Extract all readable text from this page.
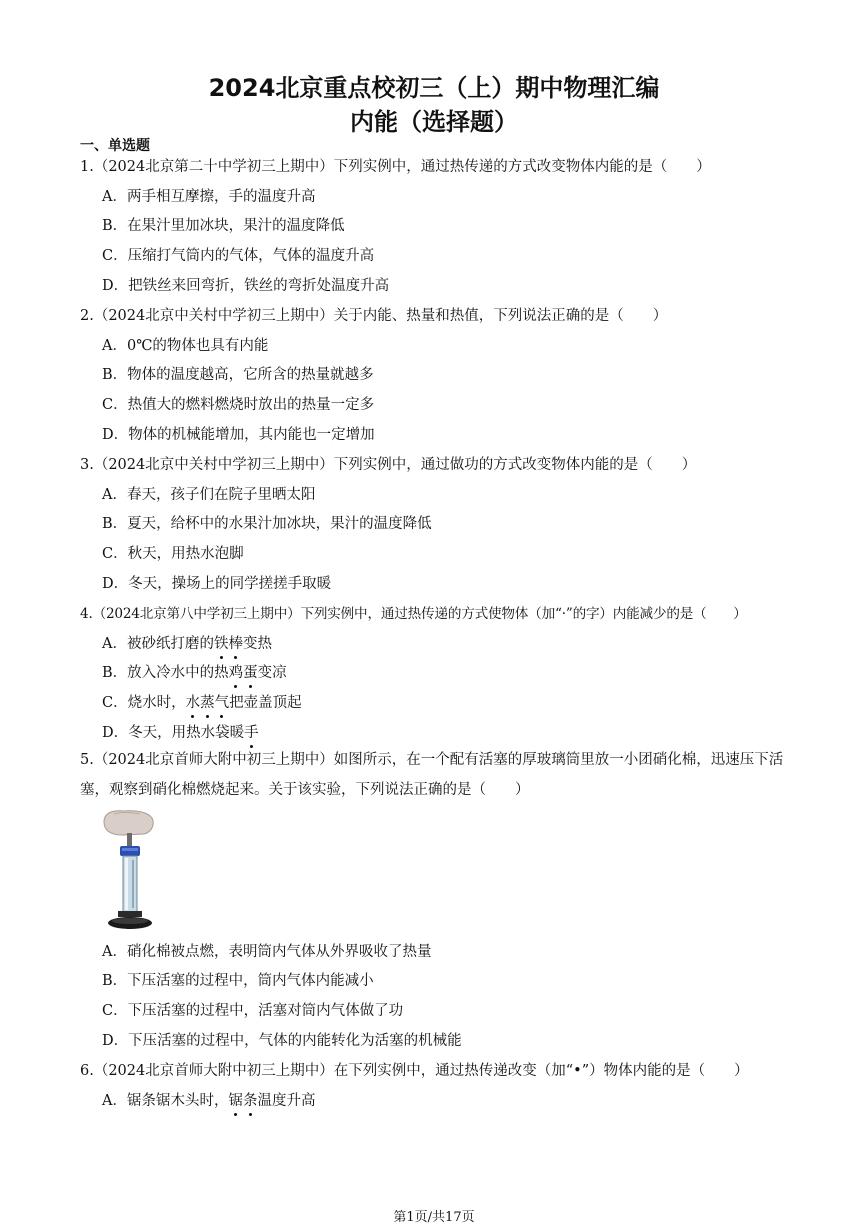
2024北京重点校初三（上）期中物理汇编
内能（选择题）
一、单选题
1.（2024北京第二十中学初三上期中）下列实例中，通过热传递的方式改变物体内能的是（　　）
A．两手相互摩擦，手的温度升高
B．在果汁里加冰块，果汁的温度降低
C．压缩打气筒内的气体，气体的温度升高
D．把铁丝来回弯折，铁丝的弯折处温度升高
2.（2024北京中关村中学初三上期中）关于内能、热量和热值，下列说法正确的是（　　）
A．0℃的物体也具有内能
B．物体的温度越高，它所含的热量就越多
C．热值大的燃料燃烧时放出的热量一定多
D．物体的机械能增加，其内能也一定增加
3.（2024北京中关村中学初三上期中）下列实例中，通过做功的方式改变物体内能的是（　　）
A．春天，孩子们在院子里晒太阳
B．夏天，给杯中的水果汁加冰块，果汁的温度降低
C．秋天，用热水泡脚
D．冬天，操场上的同学搓搓手取暖
4.（2024北京第八中学初三上期中）下列实例中，通过热传递的方式使物体（加“·”的字）内能减少的是（　　）
A．被砂纸打磨的铁棒变热
B．放入冷水中的热鸡蛋变凉
C．烧水时，水蒸气把壶盖顶起
D．冬天，用热水袋暖手
5.（2024北京首师大附中初三上期中）如图所示，在一个配有活塞的厚玻璃筒里放一小团硝化棉，迅速压下活塞，观察到硝化棉燃烧起来。关于该实验，下列说法正确的是（　　）
A．硝化棉被点燃，表明筒内气体从外界吸收了热量
B．下压活塞的过程中，筒内气体内能减小
C．下压活塞的过程中，活塞对筒内气体做了功
D．下压活塞的过程中，气体的内能转化为活塞的机械能
6.（2024北京首师大附中初三上期中）在下列实例中，通过热传递改变（加“•”）物体内能的是（　　）
A．锯条锯木头时，锯条温度升高
第1页/共17页
